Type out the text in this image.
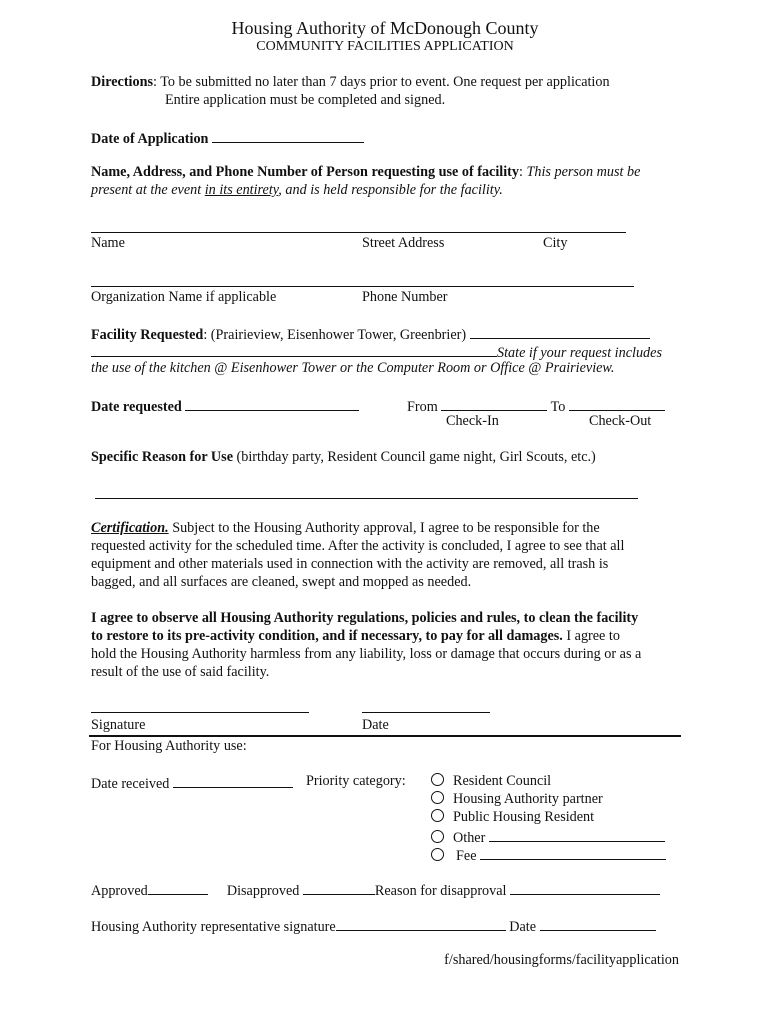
Housing Authority of McDonough County
COMMUNITY FACILITIES APPLICATION
Directions: To be submitted no later than 7 days prior to event. One request per application
Entire application must be completed and signed.
Date of Application
Name, Address, and Phone Number of Person requesting use of facility: This person must be
present at the event in its entirety, and is held responsible for the facility.
Name	Street Address	City
Organization Name if applicable	Phone Number
Facility Requested: (Prairieview, Eisenhower Tower, Greenbrier)
State if your request includes
the use of the kitchen @ Eisenhower Tower or the Computer Room or Office @ Prairieview.
Date requested	From	To
Check-In	Check-Out
Specific Reason for Use (birthday party, Resident Council game night, Girl Scouts, etc.)
Certification. Subject to the Housing Authority approval, I agree to be responsible for the
requested activity for the scheduled time. After the activity is concluded, I agree to see that all
equipment and other materials used in connection with the activity are removed, all trash is
bagged, and all surfaces are cleaned, swept and mopped as needed.
I agree to observe all Housing Authority regulations, policies and rules, to clean the facility
to restore to its pre-activity condition, and if necessary, to pay for all damages. I agree to
hold the Housing Authority harmless from any liability, loss or damage that occurs during or as a
result of the use of said facility.
Signature	Date
For Housing Authority use:
Date received	Priority category:	Resident Council
Housing Authority partner
Public Housing Resident
Other
Fee
Approved	Disapproved	Reason for disapproval
Housing Authority representative signature	Date
f/shared/housingforms/facilityapplication
